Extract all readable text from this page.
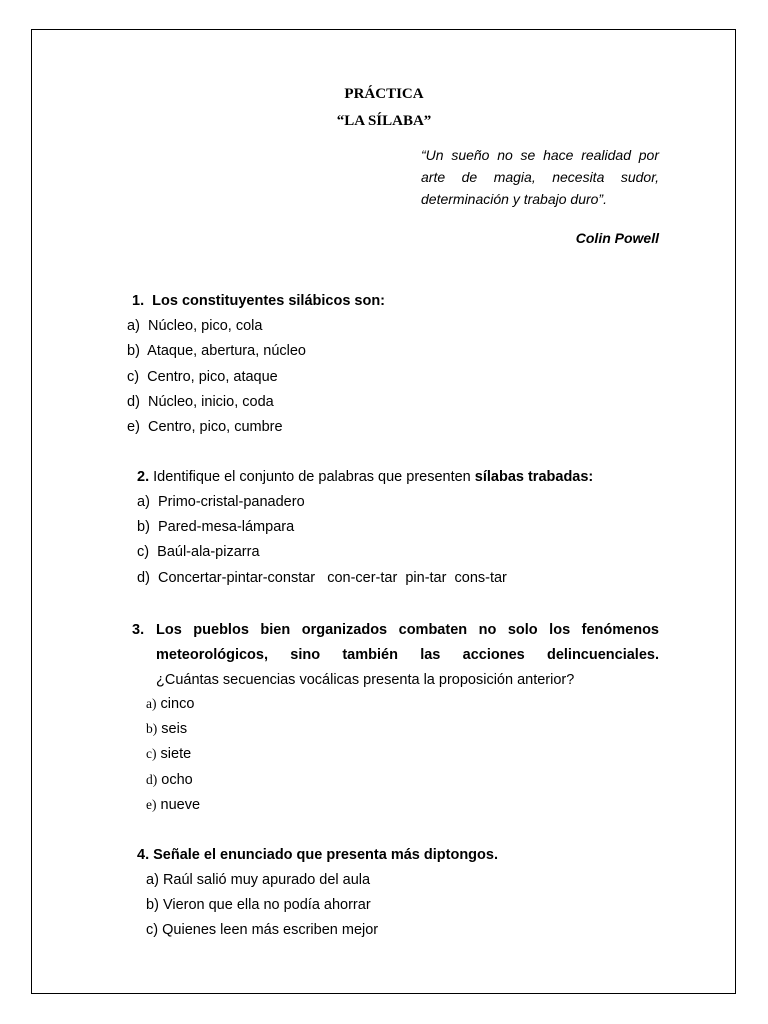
PRÁCTICA
“LA SÍLABA”
“Un sueño no se hace realidad por arte de magia, necesita sudor, determinación y trabajo duro”.
Colin Powell
1. Los constituyentes silábicos son:
a) Núcleo, pico, cola
b) Ataque, abertura, núcleo
c) Centro, pico, ataque
d) Núcleo, inicio, coda
e) Centro, pico, cumbre
2. Identifique el conjunto de palabras que presenten sílabas trabadas:
a) Primo-cristal-panadero
b) Pared-mesa-lámpara
c) Baúl-ala-pizarra
d) Concertar-pintar-constar   con-cer-tar  pin-tar  cons-tar
3. Los pueblos bien organizados combaten no solo los fenómenos
meteorológicos, sino también las acciones delincuenciales.
¿Cuántas secuencias vocálicas presenta la proposición anterior?
a) cinco
b) seis
c) siete
d) ocho
e) nueve
4. Señale el enunciado que presenta más diptongos.
a) Raúl salió muy apurado del aula
b) Vieron que ella no podía ahorrar
c) Quienes leen más escriben mejor
